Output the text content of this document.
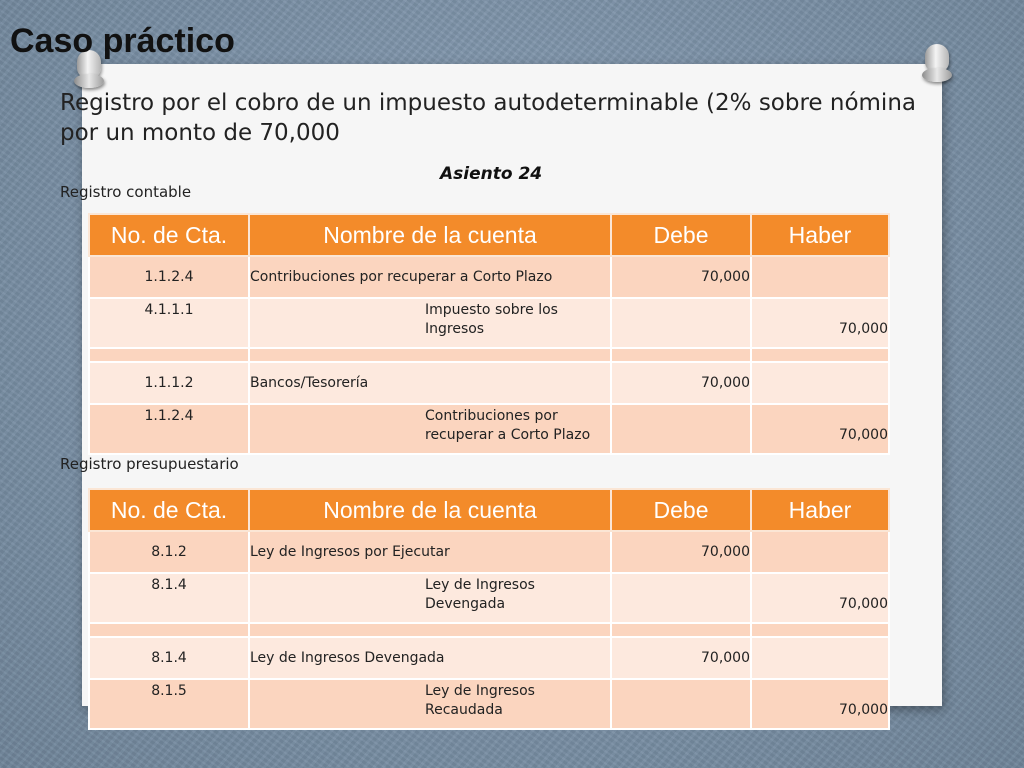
Caso práctico

Registro por el cobro de un impuesto autodeterminable (2% sobre nómina por un monto de 70,000

Asiento 24
Registro contable
No. de Cta.	Nombre de la cuenta	Debe	Haber
1.1.2.4	Contribuciones por recuperar a Corto Plazo	70,000	
4.1.1.1	Impuesto sobre los Ingresos		70,000

1.1.1.2	Bancos/Tesorería	70,000	
1.1.2.4	Contribuciones por recuperar a Corto Plazo		70,000
Registro presupuestario
No. de Cta.	Nombre de la cuenta	Debe	Haber
8.1.2	Ley de Ingresos por Ejecutar	70,000	
8.1.4	Ley de Ingresos Devengada		70,000

8.1.4	Ley de Ingresos Devengada	70,000	
8.1.5	Ley de Ingresos Recaudada		70,000
